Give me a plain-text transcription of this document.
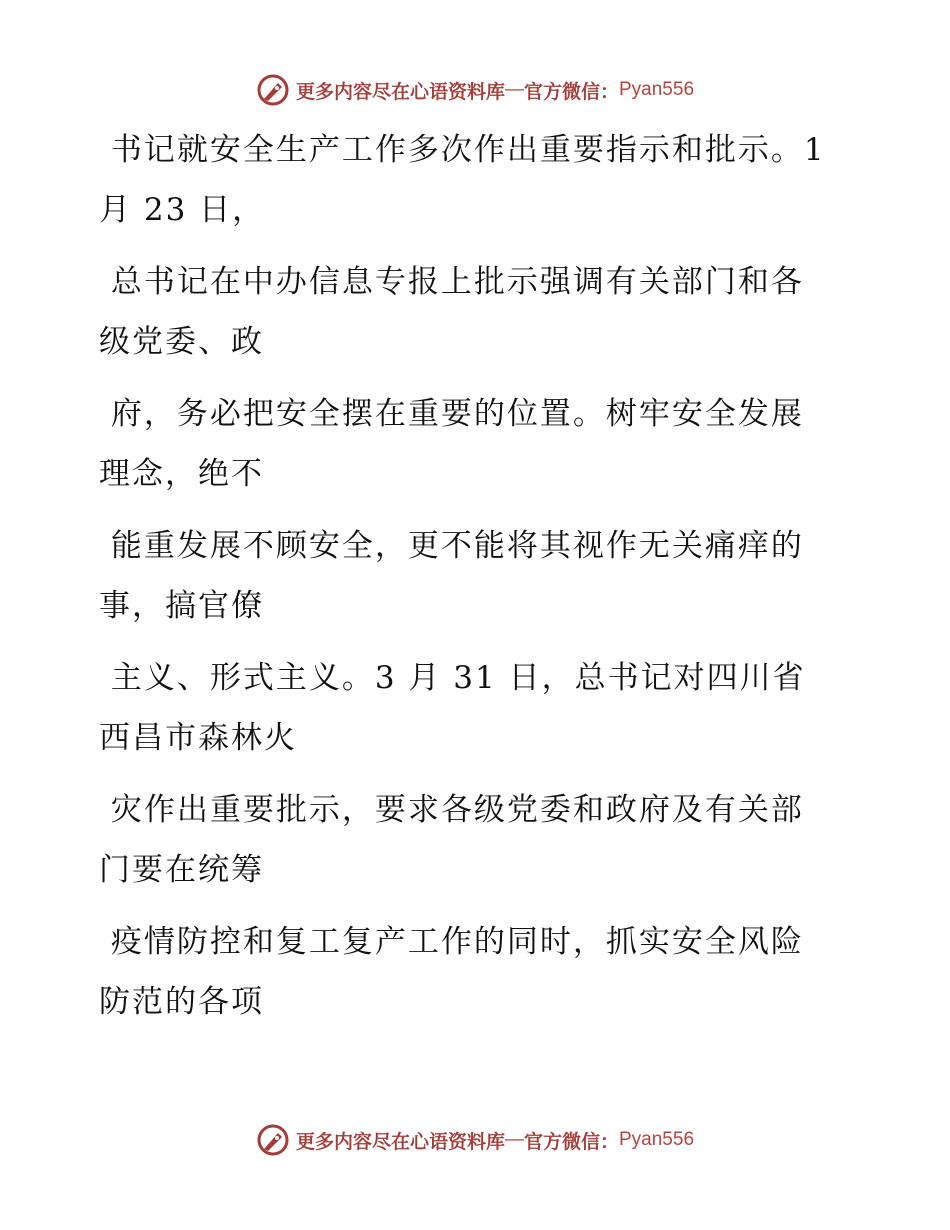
更多内容尽在心语资料库 — 官方微信： Pyan556

书记就安全生产工作多次作出重要指示和批示。1
月 23 日，

总书记在中办信息专报上批示强调有关部门和各
级党委、政

府，务必把安全摆在重要的位置。树牢安全发展
理念，绝不

能重发展不顾安全，更不能将其视作无关痛痒的
事，搞官僚

主义、形式主义。3 月 31 日，总书记对四川省
西昌市森林火

灾作出重要批示，要求各级党委和政府及有关部
门要在统筹

疫情防控和复工复产工作的同时，抓实安全风险
防范的各项

更多内容尽在心语资料库 — 官方微信： Pyan556
